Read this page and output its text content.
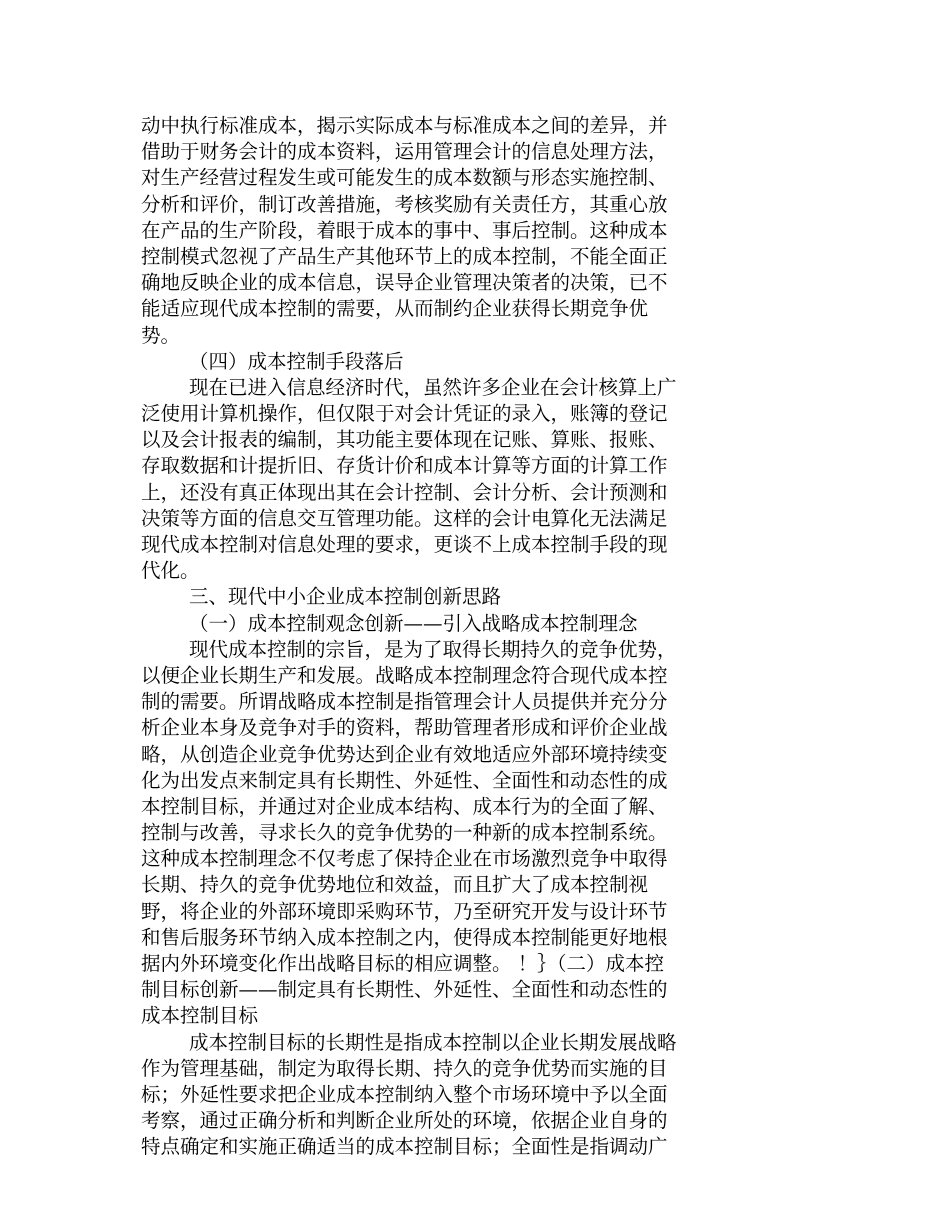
动中执行标准成本，揭示实际成本与标准成本之间的差异，并
借助于财务会计的成本资料，运用管理会计的信息处理方法，
对生产经营过程发生或可能发生的成本数额与形态实施控制、
分析和评价，制订改善措施，考核奖励有关责任方，其重心放
在产品的生产阶段，着眼于成本的事中、事后控制。这种成本
控制模式忽视了产品生产其他环节上的成本控制，不能全面正
确地反映企业的成本信息，误导企业管理决策者的决策，已不
能适应现代成本控制的需要，从而制约企业获得长期竞争优
势。
（四）成本控制手段落后
现在已进入信息经济时代，虽然许多企业在会计核算上广
泛使用计算机操作，但仅限于对会计凭证的录入，账簿的登记
以及会计报表的编制，其功能主要体现在记账、算账、报账、
存取数据和计提折旧、存货计价和成本计算等方面的计算工作
上，还没有真正体现出其在会计控制、会计分析、会计预测和
决策等方面的信息交互管理功能。这样的会计电算化无法满足
现代成本控制对信息处理的要求，更谈不上成本控制手段的现
代化。
三、现代中小企业成本控制创新思路
（一）成本控制观念创新——引入战略成本控制理念
现代成本控制的宗旨，是为了取得长期持久的竞争优势，
以便企业长期生产和发展。战略成本控制理念符合现代成本控
制的需要。所谓战略成本控制是指管理会计人员提供并充分分
析企业本身及竞争对手的资料，帮助管理者形成和评价企业战
略，从创造企业竞争优势达到企业有效地适应外部环境持续变
化为出发点来制定具有长期性、外延性、全面性和动态性的成
本控制目标，并通过对企业成本结构、成本行为的全面了解、
控制与改善，寻求长久的竞争优势的一种新的成本控制系统。
这种成本控制理念不仅考虑了保持企业在市场激烈竞争中取得
长期、持久的竞争优势地位和效益，而且扩大了成本控制视
野，将企业的外部环境即采购环节，乃至研究开发与设计环节
和售后服务环节纳入成本控制之内，使得成本控制能更好地根
据内外环境变化作出战略目标的相应调整。 ！｝（二）成本控
制目标创新——制定具有长期性、外延性、全面性和动态性的
成本控制目标
成本控制目标的长期性是指成本控制以企业长期发展战略
作为管理基础，制定为取得长期、持久的竞争优势而实施的目
标；外延性要求把企业成本控制纳入整个市场环境中予以全面
考察，通过正确分析和判断企业所处的环境，依据企业自身的
特点确定和实施正确适当的成本控制目标；全面性是指调动广
